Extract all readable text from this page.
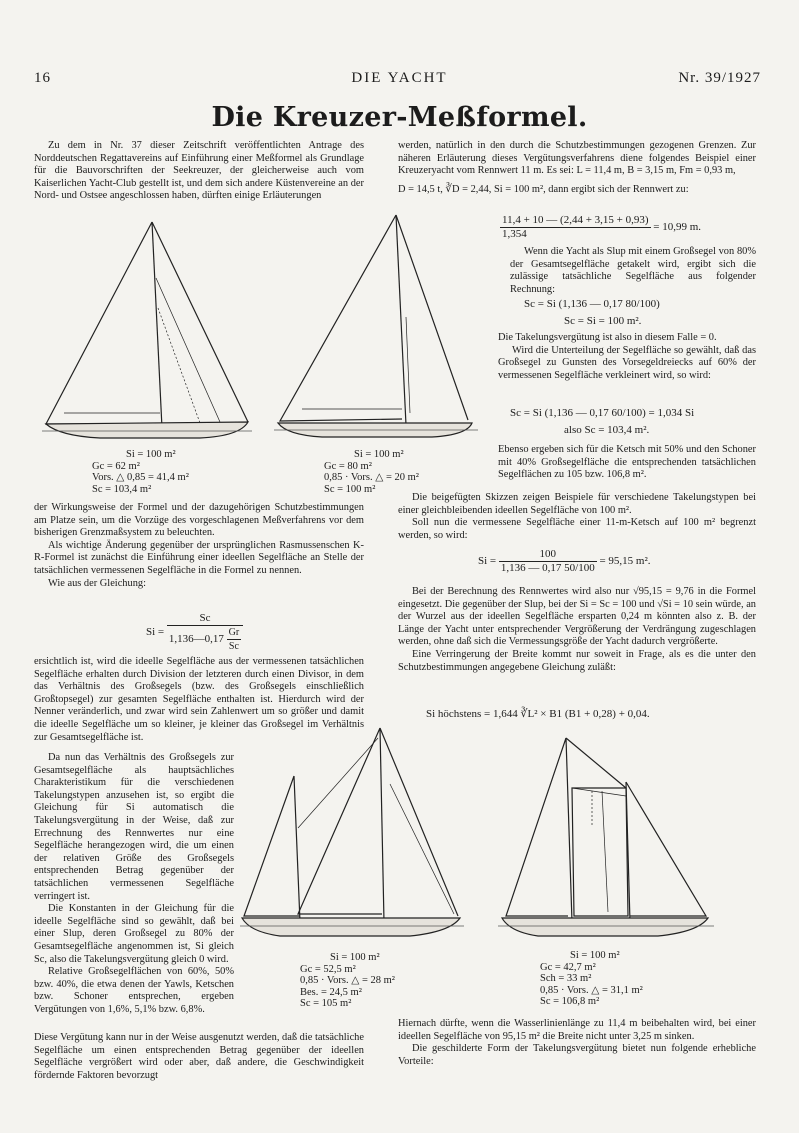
16	DIE YACHT	Nr. 39/1927
Die Kreuzer-Meßformel.

Zu dem in Nr. 37 dieser Zeitschrift veröffentlichten Antrage des Norddeutschen Regattavereins auf Einführung einer Meßformel als Grundlage für die Bauvorschriften der Seekreuzer, der gleicherweise auch vom Kaiserlichen Yacht-Club gestellt ist, und dem sich andere Küstenvereine an der Nord- und Ostsee angeschlossen haben, dürften einige Erläuterungen

werden, natürlich in den durch die Schutzbestimmungen gezogenen Grenzen. Zur näheren Erläuterung dieses Vergütungsverfahrens diene folgendes Beispiel einer Kreuzeryacht vom Rennwert 11 m. Es sei: L = 11,4 m, B = 3,15 m, Fm = 0,93 m,

D = 14,5 t, ∛D = 2,44, Si = 100 m², dann ergibt sich der Rennwert zu:

$\frac{11,4 + 10 — (2,44 + 3,15 + 0,93)}{1,354} = 10,99$ m.
Si = 100 m²
Gc = 62 m²
Vors. △ 0,85 = 41,4 m²
Sc = 103,4 m²
Si = 100 m²
Gc = 80 m²
0,85 · Vors. △ = 20 m²
Sc = 100 m²

Wenn die Yacht als Slup mit einem Großsegel von 80% der Gesamtsegelfläche getakelt wird, ergibt sich die zulässige tatsächliche Segelfläche aus folgender Rechnung:

Sc = Si (1,136 — 0,17 80/100)
Sc = Si = 100 m².

Die Takelungsvergütung ist also in diesem Falle = 0.

Wird die Unterteilung der Segelfläche so gewählt, daß das Großsegel zu Gunsten des Vorsegeldreiecks auf 60% der vermessenen Segelfläche verkleinert wird, so wird:

Sc = Si (1,136 — 0,17 60/100) = 1,034 Si
also Sc = 103,4 m².

Ebenso ergeben sich für die Ketsch mit 50% und den Schoner mit 40% Großsegelfläche die entsprechenden tatsächlichen Segelflächen zu 105 bzw. 106,8 m².

der Wirkungsweise der Formel und der dazugehörigen Schutzbestimmungen am Platze sein, um die Vorzüge des vorgeschlagenen Meßverfahrens vor dem bisherigen Grenzmaßsystem zu beleuchten.

Als wichtige Änderung gegenüber der ursprünglichen Rasmussenschen K-R-Formel ist zunächst die Einführung einer ideellen Segelfläche an Stelle der tatsächlichen vermessenen Segelfläche in die Formel zu nennen.

Wie aus der Gleichung:

Die beigefügten Skizzen zeigen Beispiele für verschiedene Takelungstypen bei einer gleichbleibenden ideellen Segelfläche von 100 m².

Soll nun die vermessene Segelfläche einer 11-m-Ketsch auf 100 m² begrenzt werden, so wird:

$Si = \frac{Sc}{1,136—0,17 \frac{Gr}{Sc}}$
$Si = \frac{100}{1,136 — 0,17 50/100} = 95,15$ m².

Bei der Berechnung des Rennwertes wird also nur √95,15 = 9,76 in die Formel eingesetzt. Die gegenüber der Slup, bei der Si = Sc = 100 und √Si = 10 sein würde, an der Wurzel aus der ideellen Segelfläche ersparten 0,24 m könnten also z. B. der Länge der Yacht unter entsprechender Vergrößerung der Verdrängung zugeschlagen werden, ohne daß sich die Vermessungsgröße der Yacht dadurch vergrößerte.

Eine Verringerung der Breite kommt nur soweit in Frage, als es die unter den Schutzbestimmungen angegebene Gleichung zuläßt:

Si höchstens = 1,644 ∛L² × B1 (B1 + 0,28) + 0,04.

ersichtlich ist, wird die ideelle Segelfläche aus der vermessenen tatsächlichen Segelfläche erhalten durch Division der letzteren durch einen Divisor, in dem das Verhältnis des Großsegels (bzw. des Großsegels einschließlich Großtopsegel) zur gesamten Segelfläche enthalten ist. Hierdurch wird der Nenner veränderlich, und zwar wird sein Zahlenwert um so größer und damit die ideelle Segelfläche um so kleiner, je kleiner das Großsegel im Verhältnis zur Gesamtsegelfläche ist.

Da nun das Verhältnis des Großsegels zur Gesamtsegelfläche als hauptsächliches Charakteristikum für die verschiedenen Takelungstypen anzusehen ist, so ergibt die Gleichung für Si automatisch die Takelungsvergütung in der Weise, daß zur Errechnung des Rennwertes nur eine Segelfläche herangezogen wird, die um einen der relativen Größe des Großsegels entsprechenden Betrag gegenüber der tatsächlichen vermessenen Segelfläche verringert ist.

Die Konstanten in der Gleichung für die ideelle Segelfläche sind so gewählt, daß bei einer Slup, deren Großsegel zu 80% der Gesamtsegelfläche angenommen ist, Si gleich Sc, also die Takelungsvergütung gleich 0 wird.

Relative Großsegelflächen von 60%, 50% bzw. 40%, die etwa denen der Yawls, Ketschen bzw. Schoner entsprechen, ergeben Vergütungen von 1,6%, 5,1% bzw. 6,8%.

Si = 100 m²
Gc = 52,5 m²
0,85 · Vors. △ = 28 m²
Bes. = 24,5 m²
Sc = 105 m²
Si = 100 m²
Gc = 42,7 m²
Sch = 33 m²
0,85 · Vors. △ = 31,1 m²
Sc = 106,8 m²

Diese Vergütung kann nur in der Weise ausgenutzt werden, daß die tatsächliche Segelfläche um einen entsprechenden Betrag gegenüber der ideellen Segelfläche vergrößert wird oder aber, daß andere, die Geschwindigkeit fördernde Faktoren bevorzugt

Hiernach dürfte, wenn die Wasserlinienlänge zu 11,4 m beibehalten wird, bei einer ideellen Segelfläche von 95,15 m² die Breite nicht unter 3,25 m sinken.

Die geschilderte Form der Takelungsvergütung bietet nun folgende erhebliche Vorteile:
